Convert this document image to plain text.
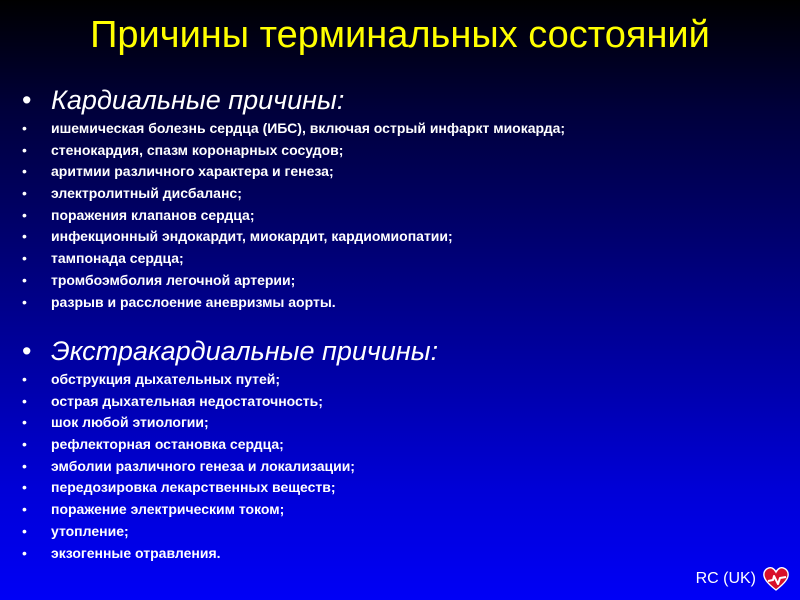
Причины терминальных состояний
• Кардиальные причины:
•	ишемическая болезнь сердца (ИБС), включая острый инфаркт миокарда;
•	стенокардия, спазм коронарных сосудов;
•	аритмии различного характера и генеза;
•	электролитный дисбаланс;
•	поражения клапанов сердца;
•	инфекционный эндокардит, миокардит, кардиомиопатии;
•	тампонада сердца;
•	тромбоэмболия легочной артерии;
•	разрыв и расслоение аневризмы аорты.
• Экстракардиальные причины:
•	обструкция дыхательных путей;
•	острая дыхательная недостаточность;
•	шок любой этиологии;
•	рефлекторная остановка сердца;
•	эмболии различного генеза и локализации;
•	передозировка лекарственных веществ;
•	поражение электрическим током;
•	утопление;
•	экзогенные отравления.
RC (UK)
